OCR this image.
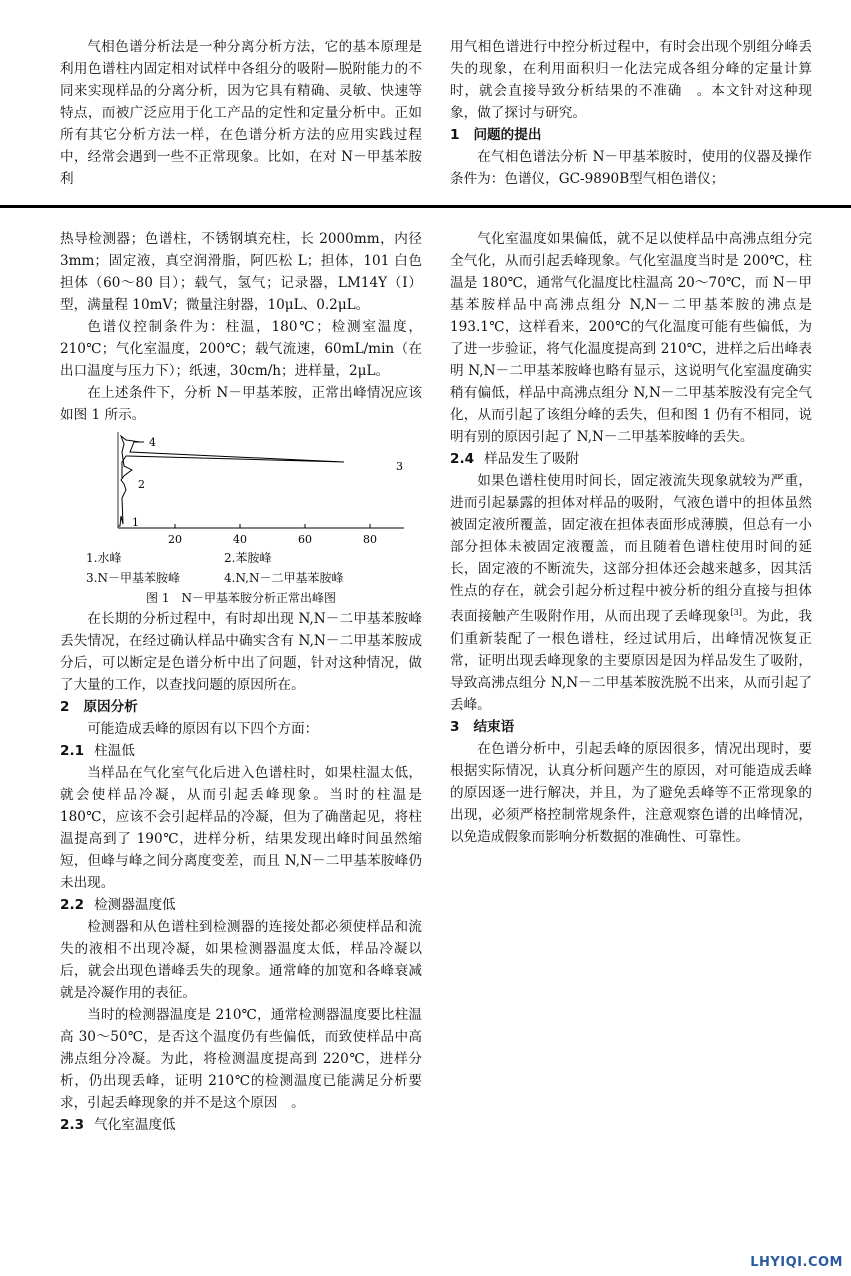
气相色谱分析法是一种分离分析方法，它的基本原理是利用色谱柱内固定相对试样中各组分的吸附—脱附能力的不同来实现样品的分离分析，因为它具有精确、灵敏、快速等特点，而被广泛应用于化工产品的定性和定量分析中。正如所有其它分析方法一样，在色谱分析方法的应用实践过程中，经常会遇到一些不正常现象。比如，在对 N－甲基苯胺利

用气相色谱进行中控分析过程中，有时会出现个别组分峰丢失的现象，在利用面积归一化法完成各组分峰的定量计算时，就会直接导致分析结果的不准确　。本文针对这种现象，做了探讨与研究。

1 问题的提出

在气相色谱法分析 N－甲基苯胺时，使用的仪器及操作条件为：色谱仪，GC-9890B型气相色谱仪；

热导检测器；色谱柱，不锈钢填充柱，长 2000mm，内径 3mm；固定液，真空润滑脂，阿匹松 L；担体，101 白色担体（60～80 目）；载气，氢气；记录器，LM14Y（Ⅰ）型，满量程 10mV；微量注射器，10μL、0.2μL。

色谱仪控制条件为：柱温，180℃；检测室温度，210℃；气化室温度，200℃；载气流速，60mL/min（在出口温度与压力下）；纸速，30cm/h；进样量，2μL。

在上述条件下，分析 N－甲基苯胺，正常出峰情况应该如图 1 所示。

4
3
2
1
20	40	60	80
1.水峰	2.苯胺峰
3.N－甲基苯胺峰	4.N,N－二甲基苯胺峰

图 1　N－甲基苯胺分析正常出峰图

在长期的分析过程中，有时却出现 N,N－二甲基苯胺峰丢失情况，在经过确认样品中确实含有 N,N－二甲基苯胺成分后，可以断定是色谱分析中出了问题，针对这种情况，做了大量的工作，以查找问题的原因所在。

2 原因分析

可能造成丢峰的原因有以下四个方面：

2.1 柱温低

当样品在气化室气化后进入色谱柱时，如果柱温太低，就会使样品冷凝，从而引起丢峰现象。当时的柱温是 180℃，应该不会引起样品的冷凝，但为了确凿起见，将柱温提高到了 190℃，进样分析，结果发现出峰时间虽然缩短，但峰与峰之间分离度变差，而且 N,N－二甲基苯胺峰仍未出现。

2.2 检测器温度低

检测器和从色谱柱到检测器的连接处都必须使样品和流失的液相不出现冷凝，如果检测器温度太低，样品冷凝以后，就会出现色谱峰丢失的现象。通常峰的加宽和各峰衰减就是冷凝作用的表征。

当时的检测器温度是 210℃，通常检测器温度要比柱温高 30～50℃，是否这个温度仍有些偏低，而致使样品中高沸点组分冷凝。为此，将检测温度提高到 220℃，进样分析，仍出现丢峰，证明 210℃的检测温度已能满足分析要求，引起丢峰现象的并不是这个原因　。

2.3 气化室温度低

气化室温度如果偏低，就不足以使样品中高沸点组分完全气化，从而引起丢峰现象。气化室温度当时是 200℃，柱温是 180℃，通常气化温度比柱温高 20～70℃，而 N－甲基苯胺样品中高沸点组分 N,N－二甲基苯胺的沸点是 193.1℃，这样看来，200℃的气化温度可能有些偏低，为了进一步验证，将气化温度提高到 210℃，进样之后出峰表明 N,N－二甲基苯胺峰也略有显示，这说明气化室温度确实稍有偏低，样品中高沸点组分 N,N－二甲基苯胺没有完全气化，从而引起了该组分峰的丢失，但和图 1 仍有不相同，说明有别的原因引起了 N,N－二甲基苯胺峰的丢失。

2.4 样品发生了吸附

如果色谱柱使用时间长，固定液流失现象就较为严重，进而引起暴露的担体对样品的吸附，气液色谱中的担体虽然被固定液所覆盖，固定液在担体表面形成薄膜，但总有一小部分担体未被固定液覆盖，而且随着色谱柱使用时间的延长，固定液的不断流失，这部分担体还会越来越多，因其活性点的存在，就会引起分析过程中被分析的组分直接与担体表面接触产生吸附作用，从而出现了丢峰现象[3]。为此，我们重新装配了一根色谱柱，经过试用后，出峰情况恢复正常，证明出现丢峰现象的主要原因是因为样品发生了吸附，导致高沸点组分 N,N－二甲基苯胺洗脱不出来，从而引起了丢峰。

3 结束语

在色谱分析中，引起丢峰的原因很多，情况出现时，要根据实际情况，认真分析问题产生的原因，对可能造成丢峰的原因逐一进行解决，并且，为了避免丢峰等不正常现象的出现，必须严格控制常规条件，注意观察色谱的出峰情况，以免造成假象而影响分析数据的准确性、可靠性。

LHYIQI.COM
